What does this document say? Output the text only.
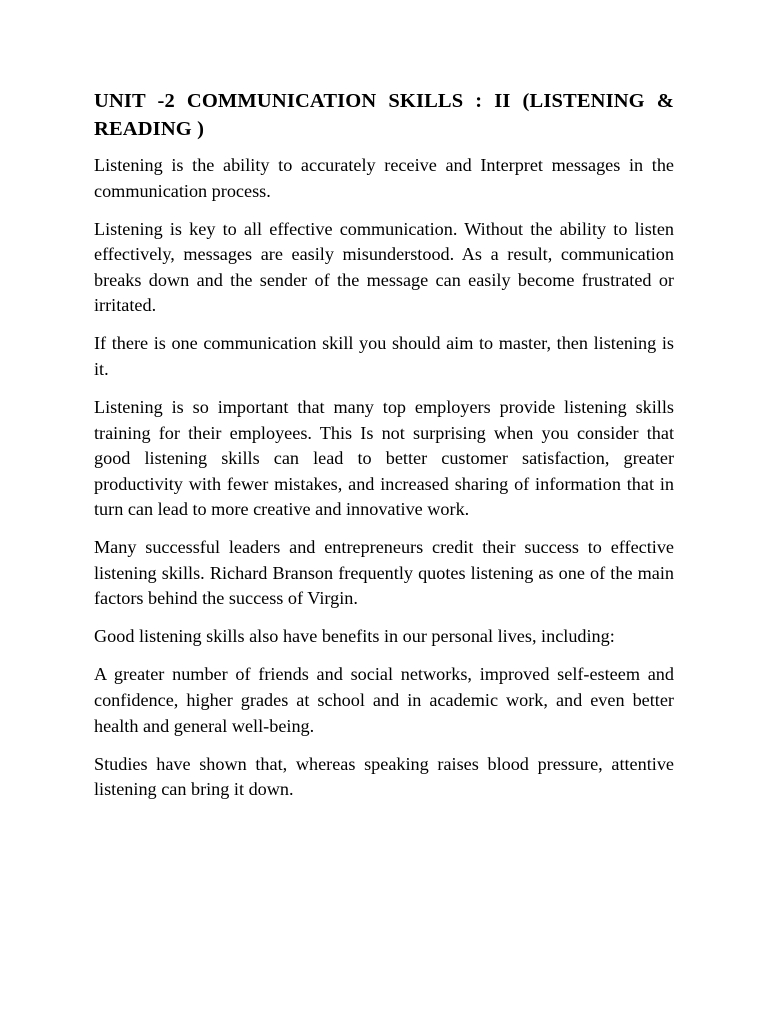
UNIT -2 COMMUNICATION SKILLS : II (LISTENING & READING )

Listening is the ability to accurately receive and Interpret messages in the communication process.

Listening is key to all effective communication. Without the ability to listen effectively, messages are easily misunderstood. As a result, communication breaks down and the sender of the message can easily become frustrated or irritated.

If there is one communication skill you should aim to master, then listening is it.

Listening is so important that many top employers provide listening skills training for their employees. This Is not surprising when you consider that good listening skills can lead to better customer satisfaction, greater productivity with fewer mistakes, and increased sharing of information that in turn can lead to more creative and innovative work.

Many successful leaders and entrepreneurs credit their success to effective listening skills. Richard Branson frequently quotes listening as one of the main factors behind the success of Virgin.

Good listening skills also have benefits in our personal lives, including:

A greater number of friends and social networks, improved self-esteem and confidence, higher grades at school and in academic work, and even better health and general well-being.

Studies have shown that, whereas speaking raises blood pressure, attentive listening can bring it down.
